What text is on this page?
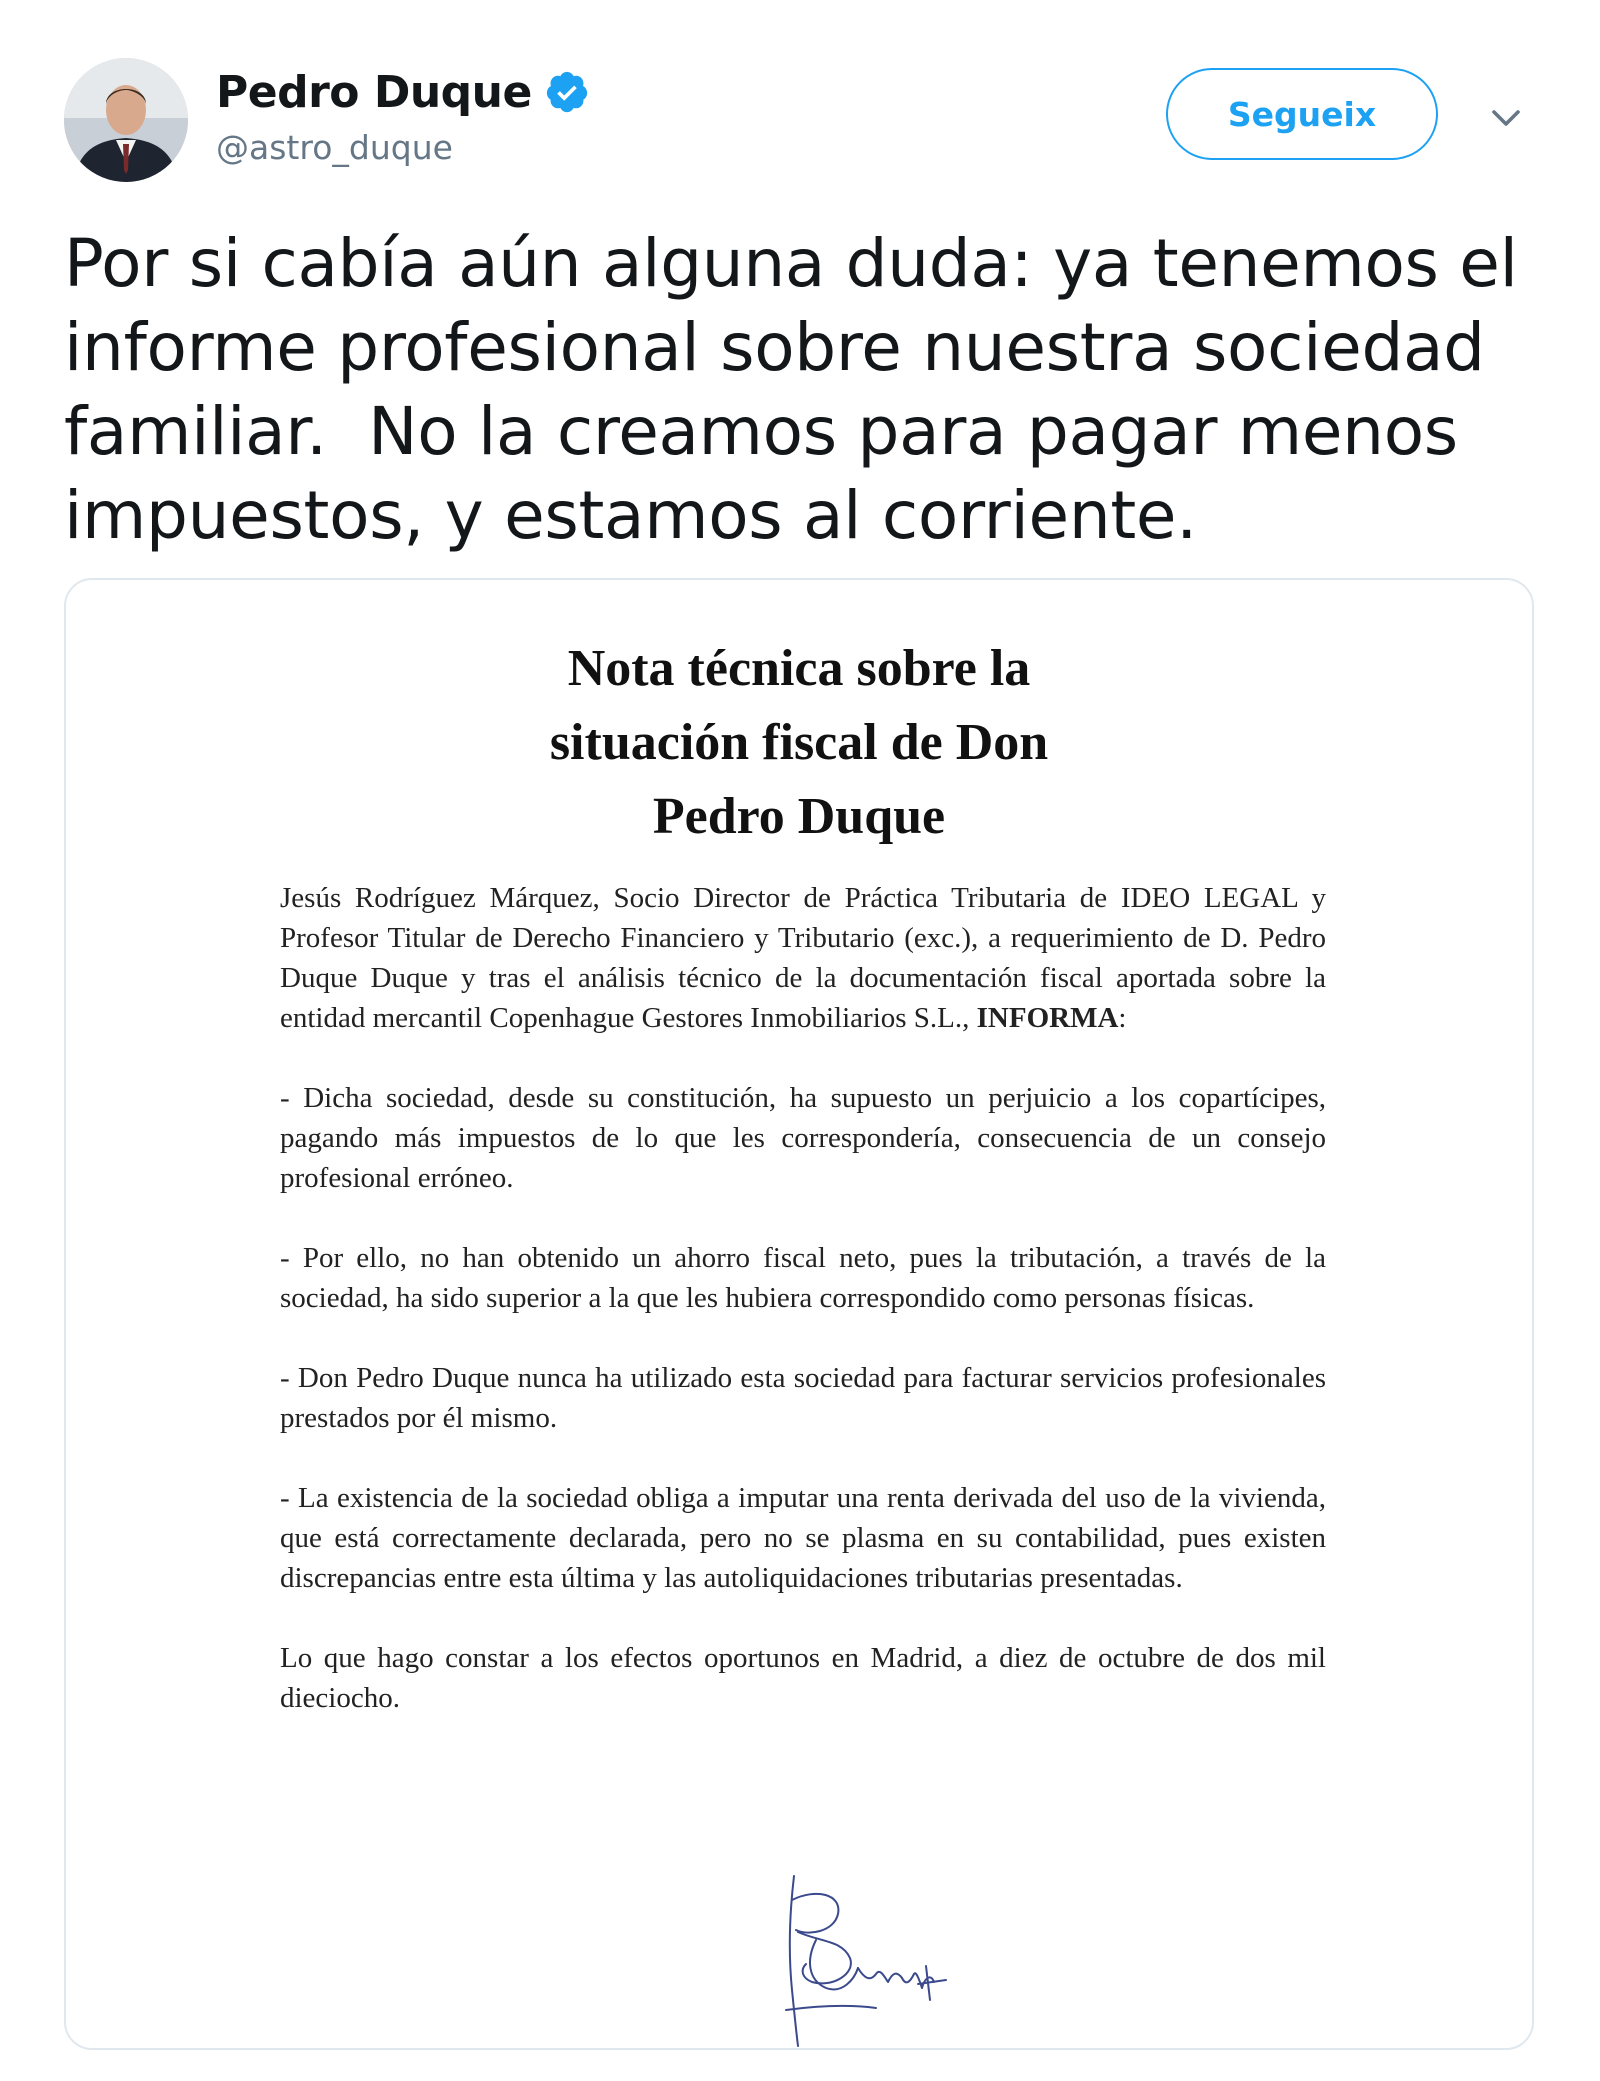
Pedro Duque
@astro_duque
Segueix
Por si cabía aún alguna duda: ya tenemos el informe profesional sobre nuestra sociedad familiar.  No la creamos para pagar menos impuestos, y estamos al corriente.
Nota técnica sobre la
situación fiscal de Don
Pedro Duque

Jesús Rodríguez Márquez, Socio Director de Práctica Tributaria de IDEO LEGAL y Profesor Titular de Derecho Financiero y Tributario (exc.), a requerimiento de D. Pedro Duque Duque y tras el análisis técnico de la documentación fiscal aportada sobre la entidad mercantil Copenhague Gestores Inmobiliarios S.L., INFORMA:

- Dicha sociedad, desde su constitución, ha supuesto un perjuicio a los copartícipes, pagando más impuestos de lo que les correspondería, consecuencia de un consejo profesional erróneo.

- Por ello, no han obtenido un ahorro fiscal neto, pues la tributación, a través de la sociedad, ha sido superior a la que les hubiera correspondido como personas físicas.

- Don Pedro Duque nunca ha utilizado esta sociedad para facturar servicios profesionales prestados por él mismo.

- La existencia de la sociedad obliga a imputar una renta derivada del uso de la vivienda, que está correctamente declarada, pero no se plasma en su contabilidad, pues existen discrepancias entre esta última y las autoliquidaciones tributarias presentadas.

Lo que hago constar a los efectos oportunos en Madrid, a diez de octubre de dos mil dieciocho.
